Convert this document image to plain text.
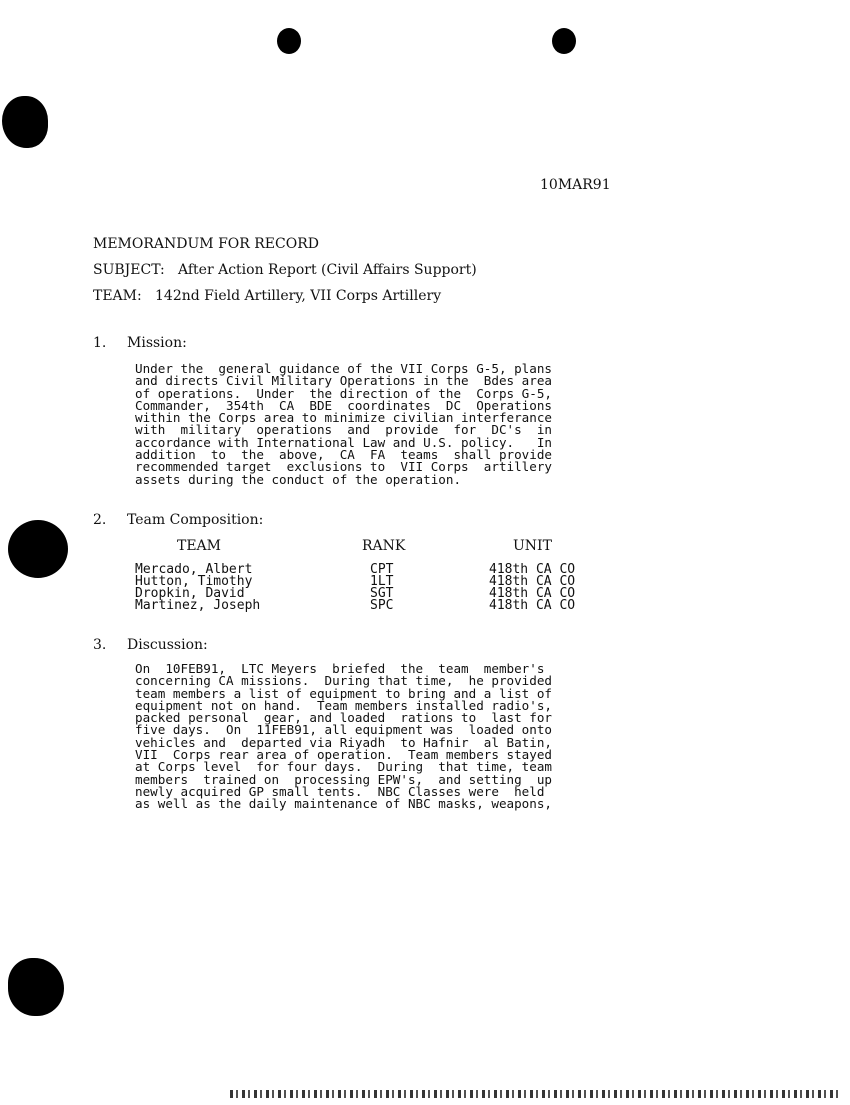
10MAR91
MEMORANDUM FOR RECORD
SUBJECT: After Action Report (Civil Affairs Support)
TEAM: 142nd Field Artillery, VII Corps Artillery
1. Mission:
Under the  general guidance of the VII Corps G-5, plans
and directs Civil Military Operations in the  Bdes area
of operations.  Under  the direction of the  Corps G-5,
Commander,  354th  CA  BDE  coordinates  DC  Operations
within the Corps area to minimize civilian interferance
with  military  operations  and  provide  for  DC's  in
accordance with International Law and U.S. policy.   In
addition  to  the  above,  CA  FA  teams  shall provide
recommended target  exclusions to  VII Corps  artillery
assets during the conduct of the operation.
2. Team Composition:
TEAM	RANK	UNIT
Mercado, Albert	CPT	418th CA CO
Hutton, Timothy	1LT	418th CA CO
Dropkin, David	SGT	418th CA CO
Martinez, Joseph	SPC	418th CA CO
3. Discussion:
On  10FEB91,  LTC Meyers  briefed  the  team  member's
concerning CA missions.  During that time,  he provided
team members a list of equipment to bring and a list of
equipment not on hand.  Team members installed radio's,
packed personal  gear, and loaded  rations to  last for
five days.  On  11FEB91, all equipment was  loaded onto
vehicles and  departed via Riyadh  to Hafnir  al Batin,
VII  Corps rear area of operation.  Team members stayed
at Corps level  for four days.  During  that time, team
members  trained on  processing EPW's,  and setting  up
newly acquired GP small tents.  NBC Classes were  held
as well as the daily maintenance of NBC masks, weapons,
